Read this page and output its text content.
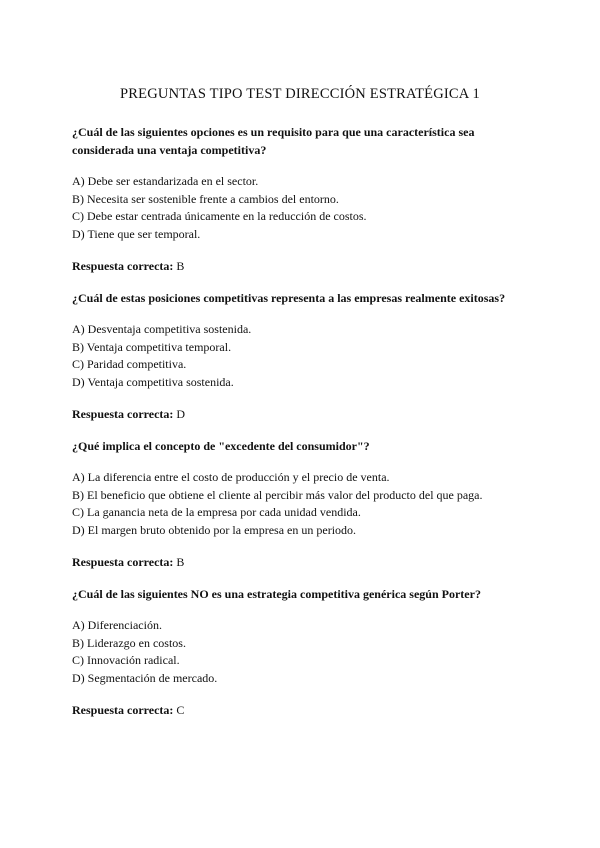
PREGUNTAS TIPO TEST DIRECCIÓN ESTRATÉGICA 1

¿Cuál de las siguientes opciones es un requisito para que una característica sea considerada una ventaja competitiva?

A) Debe ser estandarizada en el sector.
B) Necesita ser sostenible frente a cambios del entorno.
C) Debe estar centrada únicamente en la reducción de costos.
D) Tiene que ser temporal.

Respuesta correcta: B

¿Cuál de estas posiciones competitivas representa a las empresas realmente exitosas?

A) Desventaja competitiva sostenida.
B) Ventaja competitiva temporal.
C) Paridad competitiva.
D) Ventaja competitiva sostenida.

Respuesta correcta: D

¿Qué implica el concepto de "excedente del consumidor"?

A) La diferencia entre el costo de producción y el precio de venta.
B) El beneficio que obtiene el cliente al percibir más valor del producto del que paga.
C) La ganancia neta de la empresa por cada unidad vendida.
D) El margen bruto obtenido por la empresa en un periodo.

Respuesta correcta: B

¿Cuál de las siguientes NO es una estrategia competitiva genérica según Porter?

A) Diferenciación.
B) Liderazgo en costos.
C) Innovación radical.
D) Segmentación de mercado.

Respuesta correcta: C
